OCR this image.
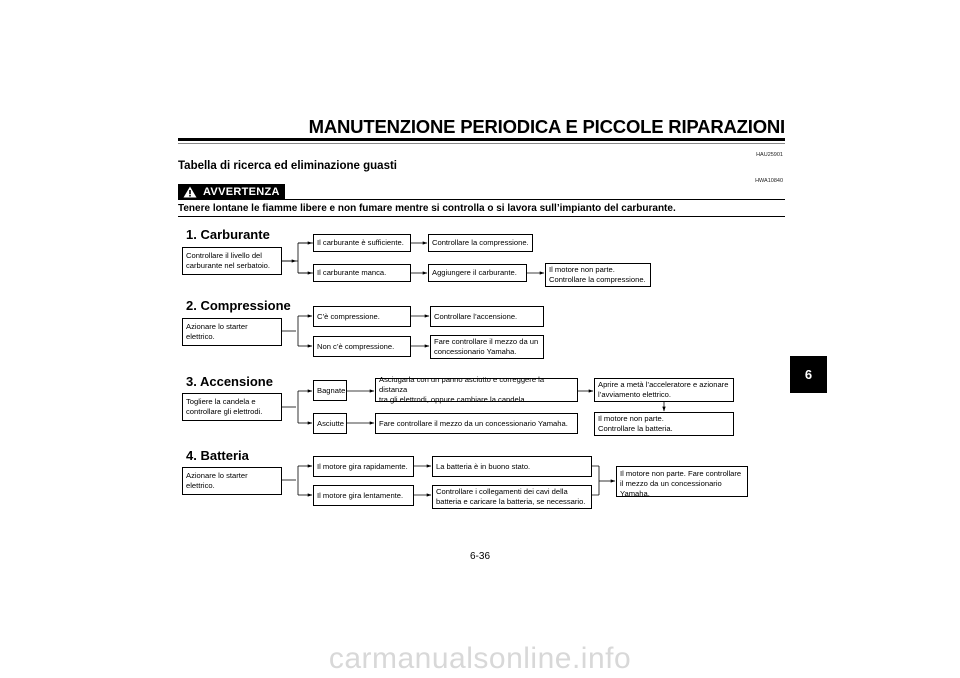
MANUTENZIONE PERIODICA E PICCOLE RIPARAZIONI
HAU25901
Tabella di ricerca ed eliminazione guasti
AVVERTENZA
HWA10840
Tenere lontane le fiamme libere e non fumare mentre si controlla o si lavora sull’impianto del carburante.
1. Carburante
Controllare il livello del
carburante nel serbatoio.
Il carburante è sufficiente.
Il carburante manca.
Controllare la compressione.
Aggiungere il carburante.	Il motore non parte.
Controllare la compressione.
2. Compressione
Azionare lo starter elettrico.
C’è compressione.
Non c’è compressione.
Controllare l’accensione.
Fare controllare il mezzo da un
concessionario Yamaha.
3. Accensione
Togliere la candela e
controllare gli elettrodi.
Bagnate
Asciutte
Asciugarla con un panno asciutto e correggere la distanza
tra gli elettrodi, oppure cambiare la candela.
Fare controllare il mezzo da un concessionario Yamaha.
Aprire a metà l’acceleratore e azionare
l’avviamento elettrico.
Il motore non parte.
Controllare la batteria.
4. Batteria
Azionare lo starter elettrico.
Il motore gira rapidamente.
Il motore gira lentamente.
La batteria è in buono stato.
Controllare i collegamenti dei cavi della
batteria e caricare la batteria, se necessario.
Il motore non parte. Fare controllare
il mezzo da un concessionario
Yamaha.
6
6-36
carmanualsonline.info
